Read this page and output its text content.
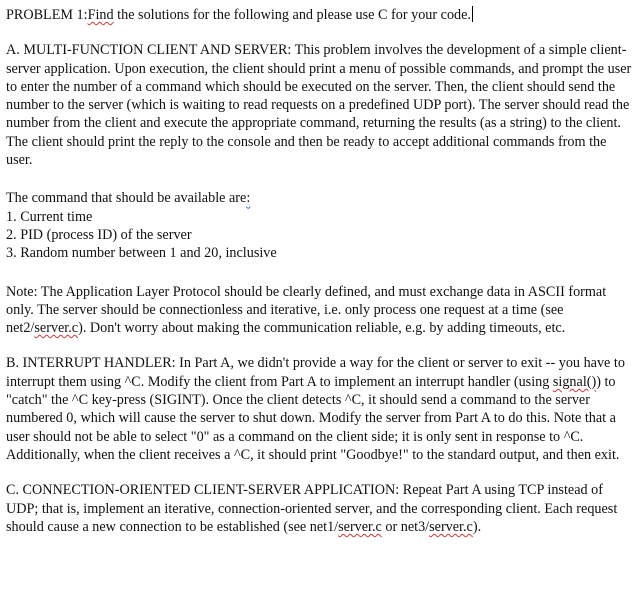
PROBLEM 1:Find the solutions for the following and please use C for your code.

A. MULTI-FUNCTION CLIENT AND SERVER: This problem involves the development of a simple client-server application. Upon execution, the client should print a menu of possible commands, and prompt the user to enter the number of a command which should be executed on the server. Then, the client should send the number to the server (which is waiting to read requests on a predefined UDP port). The server should read the number from the client and execute the appropriate command, returning the results (as a string) to the client. The client should print the reply to the console and then be ready to accept additional commands from the user.

The command that should be available are:
1. Current time
2. PID (process ID) of the server
3. Random number between 1 and 20, inclusive

Note: The Application Layer Protocol should be clearly defined, and must exchange data in ASCII format only. The server should be connectionless and iterative, i.e. only process one request at a time (see net2/server.c). Don't worry about making the communication reliable, e.g. by adding timeouts, etc.

B. INTERRUPT HANDLER: In Part A, we didn't provide a way for the client or server to exit -- you have to interrupt them using ^C. Modify the client from Part A to implement an interrupt handler (using signal()) to "catch" the ^C key-press (SIGINT). Once the client detects ^C, it should send a command to the server numbered 0, which will cause the server to shut down. Modify the server from Part A to do this. Note that a user should not be able to select "0" as a command on the client side; it is only sent in response to ^C. Additionally, when the client receives a ^C, it should print "Goodbye!" to the standard output, and then exit.

C. CONNECTION-ORIENTED CLIENT-SERVER APPLICATION: Repeat Part A using TCP instead of UDP; that is, implement an iterative, connection-oriented server, and the corresponding client. Each request should cause a new connection to be established (see net1/server.c or net3/server.c).
